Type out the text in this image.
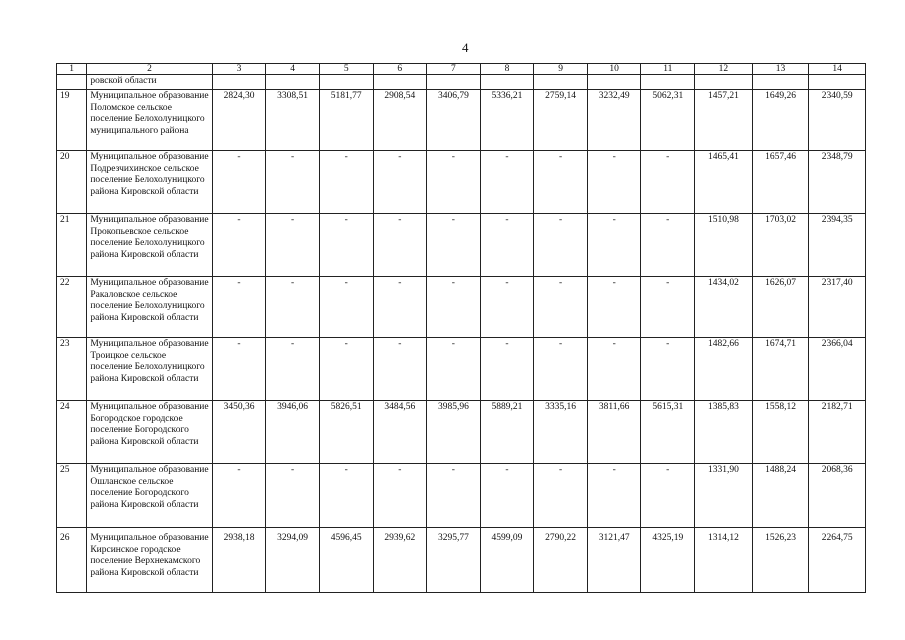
4
1	2	3	4	5	6	7	8	9	10	11	12	13	14
	ровской области												
19	Муниципальное образование Поломское сельское поселение Белохолуницкого муниципального района	2824,30	3308,51	5181,77	2908,54	3406,79	5336,21	2759,14	3232,49	5062,31	1457,21	1649,26	2340,59
20	Муниципальное образование Подрезчихинское сельское поселение Белохолуницкого района Кировской области	-	-	-	-	-	-	-	-	-	1465,41	1657,46	2348,79
21	Муниципальное образование Прокопьевское сельское поселение Белохолуницкого района Кировской области	-	-	-	-	-	-	-	-	-	1510,98	1703,02	2394,35
22	Муниципальное образование Ракаловское сельское поселение Белохолуницкого района Кировской области	-	-	-	-	-	-	-	-	-	1434,02	1626,07	2317,40
23	Муниципальное образование Троицкое сельское поселение Белохолуницкого района Кировской области	-	-	-	-	-	-	-	-	-	1482,66	1674,71	2366,04
24	Муниципальное образование Богородское городское поселение Богородского района Кировской области	3450,36	3946,06	5826,51	3484,56	3985,96	5889,21	3335,16	3811,66	5615,31	1385,83	1558,12	2182,71
25	Муниципальное образование Ошланское сельское поселение Богородского района Кировской области	-	-	-	-	-	-	-	-	-	1331,90	1488,24	2068,36
26	Муниципальное образование Кирсинское городское поселение Верхнекамского района Кировской области	2938,18	3294,09	4596,45	2939,62	3295,77	4599,09	2790,22	3121,47	4325,19	1314,12	1526,23	2264,75
